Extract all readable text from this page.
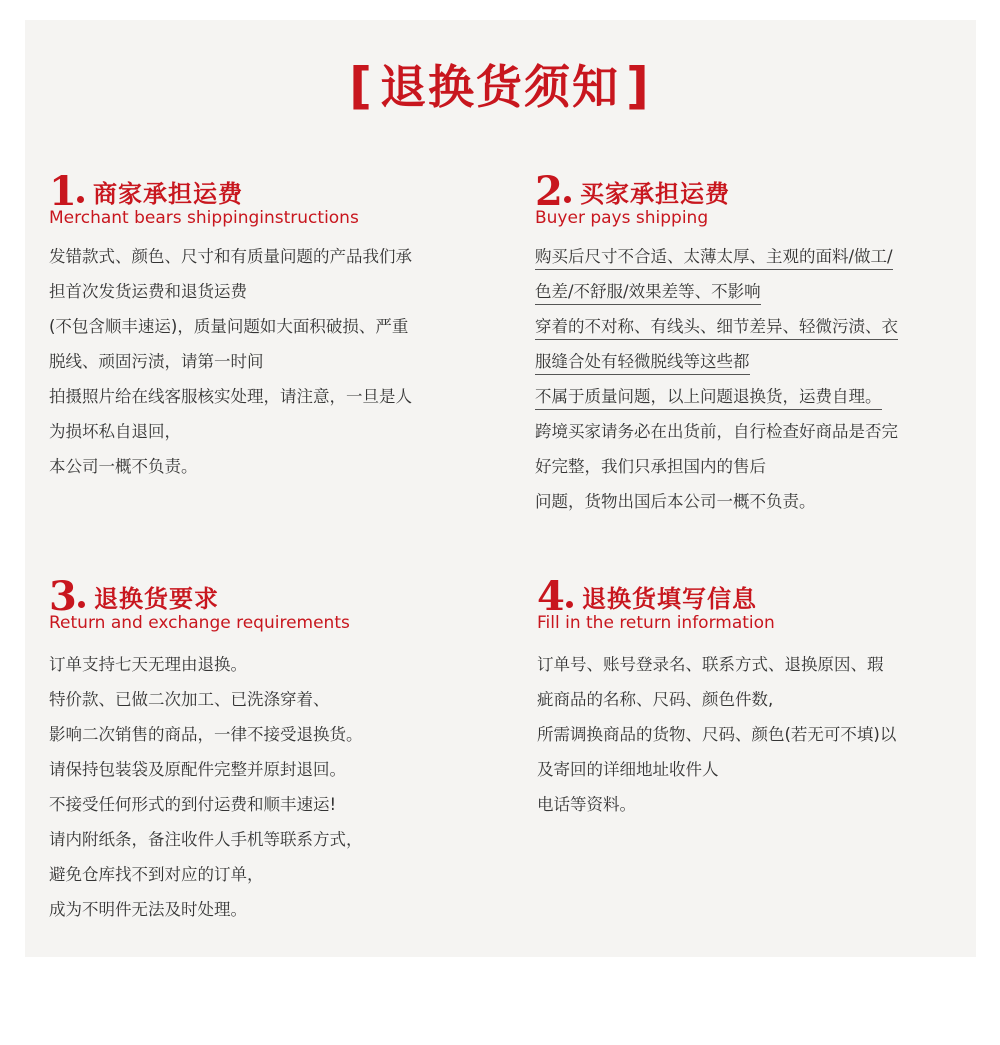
[ 退换货须知 ]
1 商家承担运费
Merchant bears shippinginstructions
发错款式、颜色、尺寸和有质量问题的产品我们承
担首次发货运费和退货运费
(不包含顺丰速运)，质量问题如大面积破损、严重
脱线、顽固污渍，请第一时间
拍摄照片给在线客服核实处理，请注意，一旦是人
为损坏私自退回，
本公司一概不负责。
2 买家承担运费
Buyer pays shipping
购买后尺寸不合适、太薄太厚、主观的面料/做工/
色差/不舒服/效果差等、不影响
穿着的不对称、有线头、细节差异、轻微污渍、衣
服缝合处有轻微脱线等这些都
不属于质量问题，以上问题退换货，运费自理。
跨境买家请务必在出货前，自行检查好商品是否完
好完整，我们只承担国内的售后
问题，货物出国后本公司一概不负责。
3 退换货要求
Return and exchange requirements
订单支持七天无理由退换。
特价款、已做二次加工、已洗涤穿着、
影响二次销售的商品，一律不接受退换货。
请保持包装袋及原配件完整并原封退回。
不接受任何形式的到付运费和顺丰速运!
请内附纸条，备注收件人手机等联系方式，
避免仓库找不到对应的订单，
成为不明件无法及时处理。
4 退换货填写信息
Fill in the return information
订单号、账号登录名、联系方式、退换原因、瑕
疵商品的名称、尺码、颜色件数,
所需调换商品的货物、尺码、颜色(若无可不填)以
及寄回的详细地址收件人
电话等资料。
